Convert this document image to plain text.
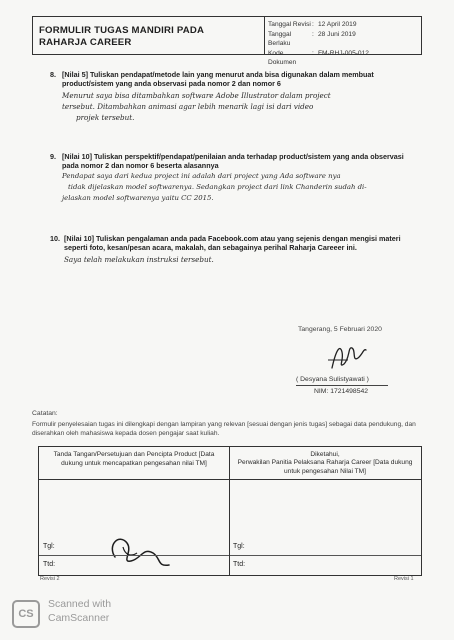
FORMULIR TUGAS MANDIRI PADA RAHARJA CAREER
Tanggal Revisi : 12 April 2019
Tanggal Berlaku
: 28 Juni 2019
Kode Dokumen
: FM-RHJ-005-012
8. [Nilai 5] Tuliskan pendapat/metode lain yang menurut anda bisa digunakan dalam membuat product/sistem yang anda observasi pada nomor 2 dan nomor 6
Menurut saya bisa ditambahkan software Adobe Illustrator dalam project
tersebut. Ditambahkan animasi agar lebih menarik lagi isi dari video
projek tersebut.
9. [Nilai 10] Tuliskan perspektif/pendapat/penilaian anda terhadap product/sistem yang anda observasi pada nomor 2 dan nomor 6 beserta alasannya
Pendapat saya dari kedua project ini adalah dari project yang Ada software nya
tidak dijelaskan model softwarenya. Sedangkan project dari link Chanderin sudah di-
jelaskan model softwarenya yaitu CC 2015.
10. [Nilai 10] Tuliskan pengalaman anda pada Facebook.com atau yang sejenis dengan mengisi materi seperti foto, kesan/pesan acara, makalah, dan sebagainya perihal Raharja Careeer ini.
Saya telah melakukan instruksi tersebut.
Tangerang, 5 Februari 2020
( Desyana Sulistyawati )
NIM: 1721498542
Catatan:
Formulir penyelesaian tugas ini dilengkapi dengan lampiran yang relevan [sesuai dengan jenis tugas] sebagai data pendukung, dan diserahkan oleh mahasiswa kepada dosen pengajar saat kuliah.
Tanda Tangan/Persetujuan dan Pencipta Product [Data dukung untuk mencapatkan pengesahan nilai TM]
Diketahui,
Perwakilan Panitia Pelaksana Raharja Career [Data dukung untuk pengesahan Nilai TM]
Tgl:
Ttd:
Tgl:
Ttd:
Revisi 2	Revisi 1
CS
Scanned with
CamScanner
